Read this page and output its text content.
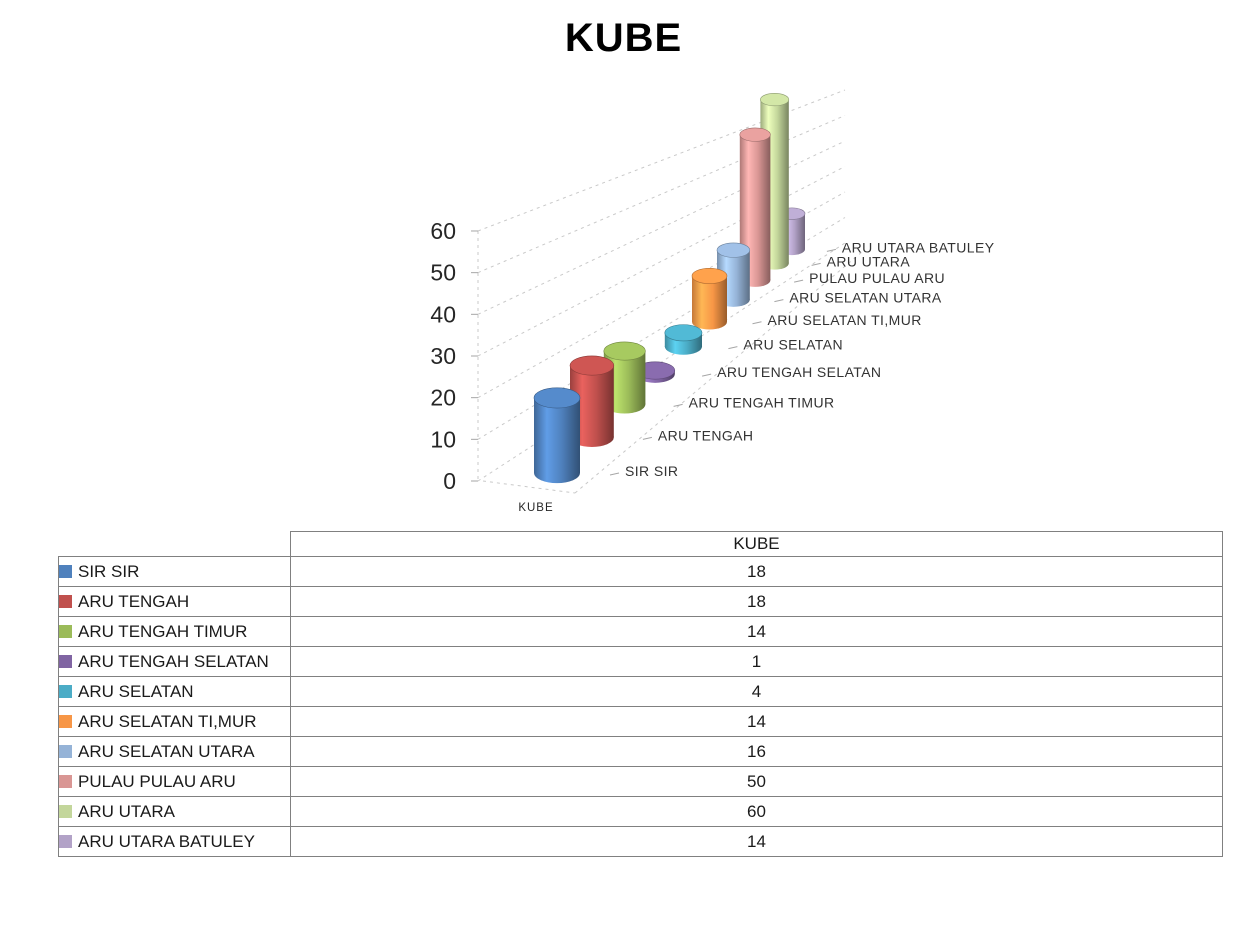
KUBE
0
10
20
30
40
50
60
SIR SIR
ARU TENGAH
ARU TENGAH TIMUR
ARU TENGAH SELATAN
ARU SELATAN
ARU SELATAN TI,MUR
ARU SELATAN UTARA
PULAU PULAU ARU
ARU UTARA
ARU UTARA BATULEY
KUBE
	KUBE
SIR SIR	18
ARU TENGAH	18
ARU TENGAH TIMUR	14
ARU TENGAH SELATAN	1
ARU SELATAN	4
ARU SELATAN TI,MUR	14
ARU SELATAN UTARA	16
PULAU PULAU ARU	50
ARU UTARA	60
ARU UTARA BATULEY	14
